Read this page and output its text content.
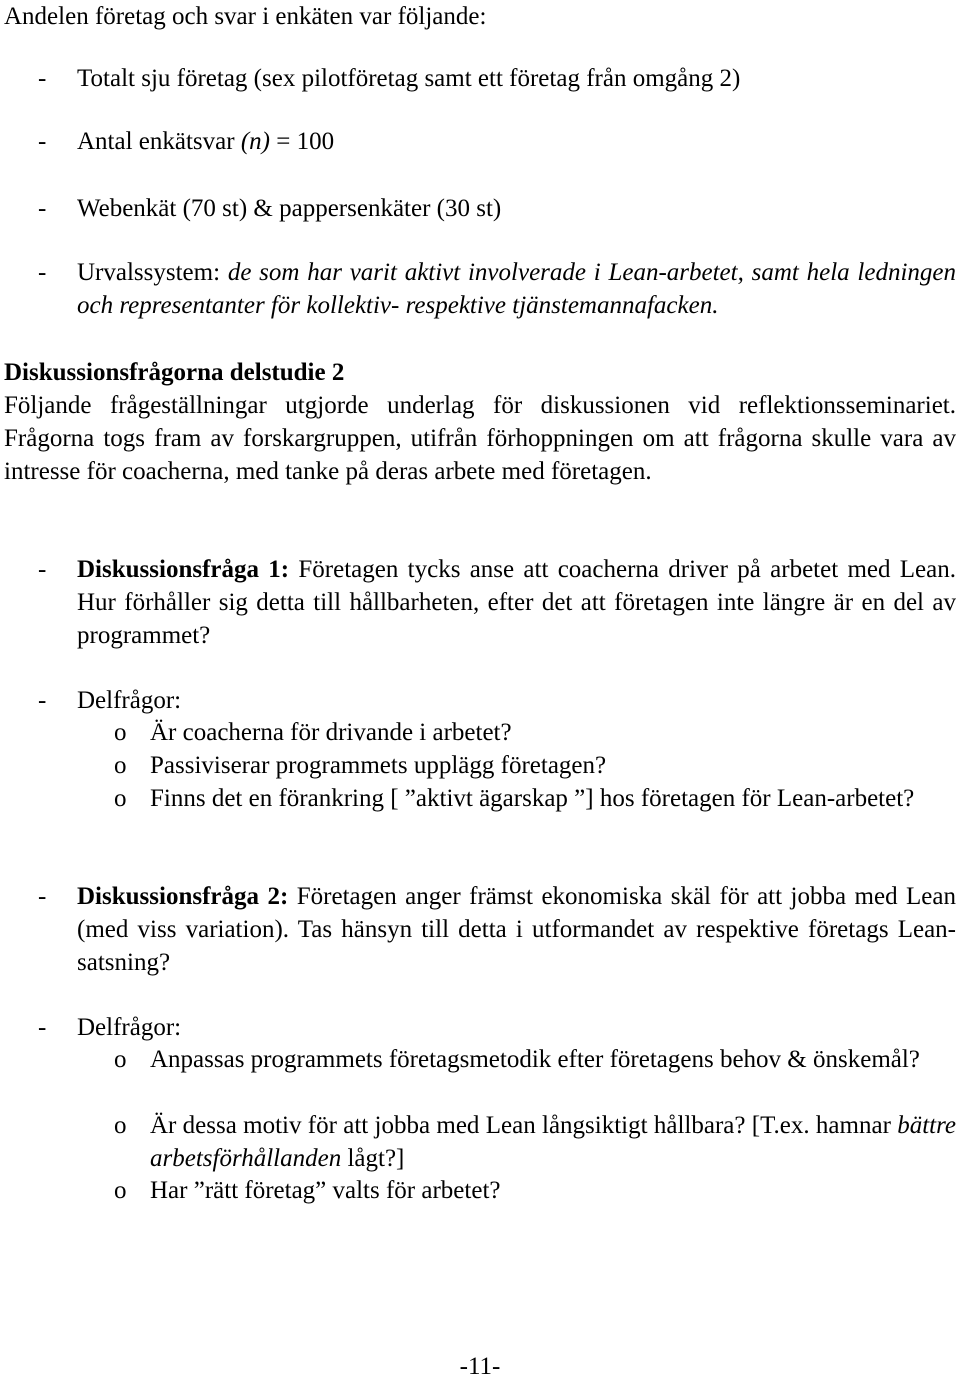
Andelen företag och svar i enkäten var följande:

-	Totalt sju företag (sex pilotföretag samt ett företag från omgång 2)
-	Antal enkätsvar (n) = 100
-	Webenkät (70 st) & pappersenkäter (30 st)
-	Urvalssystem: de som har varit aktivt involverade i Lean-arbetet, samt hela ledningen och representanter för kollektiv- respektive tjänstemannafacken.
Diskussionsfrågorna delstudie 2

Följande frågeställningar utgjorde underlag för diskussionen vid reflektionsseminariet. Frågorna togs fram av forskargruppen, utifrån förhoppningen om att frågorna skulle vara av intresse för coacherna, med tanke på deras arbete med företagen.

-	Diskussionsfråga 1: Företagen tycks anse att coacherna driver på arbetet med Lean. Hur förhåller sig detta till hållbarheten, efter det att företagen inte längre är en del av programmet?
-	Delfrågor:
o Är coacherna för drivande i arbetet?
o Passiviserar programmets upplägg företagen?
o Finns det en förankring [ ”aktivt ägarskap ”] hos företagen för Lean-arbetet?
-	Diskussionsfråga 2: Företagen anger främst ekonomiska skäl för att jobba med Lean (med viss variation). Tas hänsyn till detta i utformandet av respektive företags Lean-satsning?
-	Delfrågor:
o Anpassas programmets företagsmetodik efter företagens behov & önskemål?
o Är dessa motiv för att jobba med Lean långsiktigt hållbara? [T.ex. hamnar bättre arbetsförhållanden lågt?]
o Har ”rätt företag” valts för arbetet?
-11-
